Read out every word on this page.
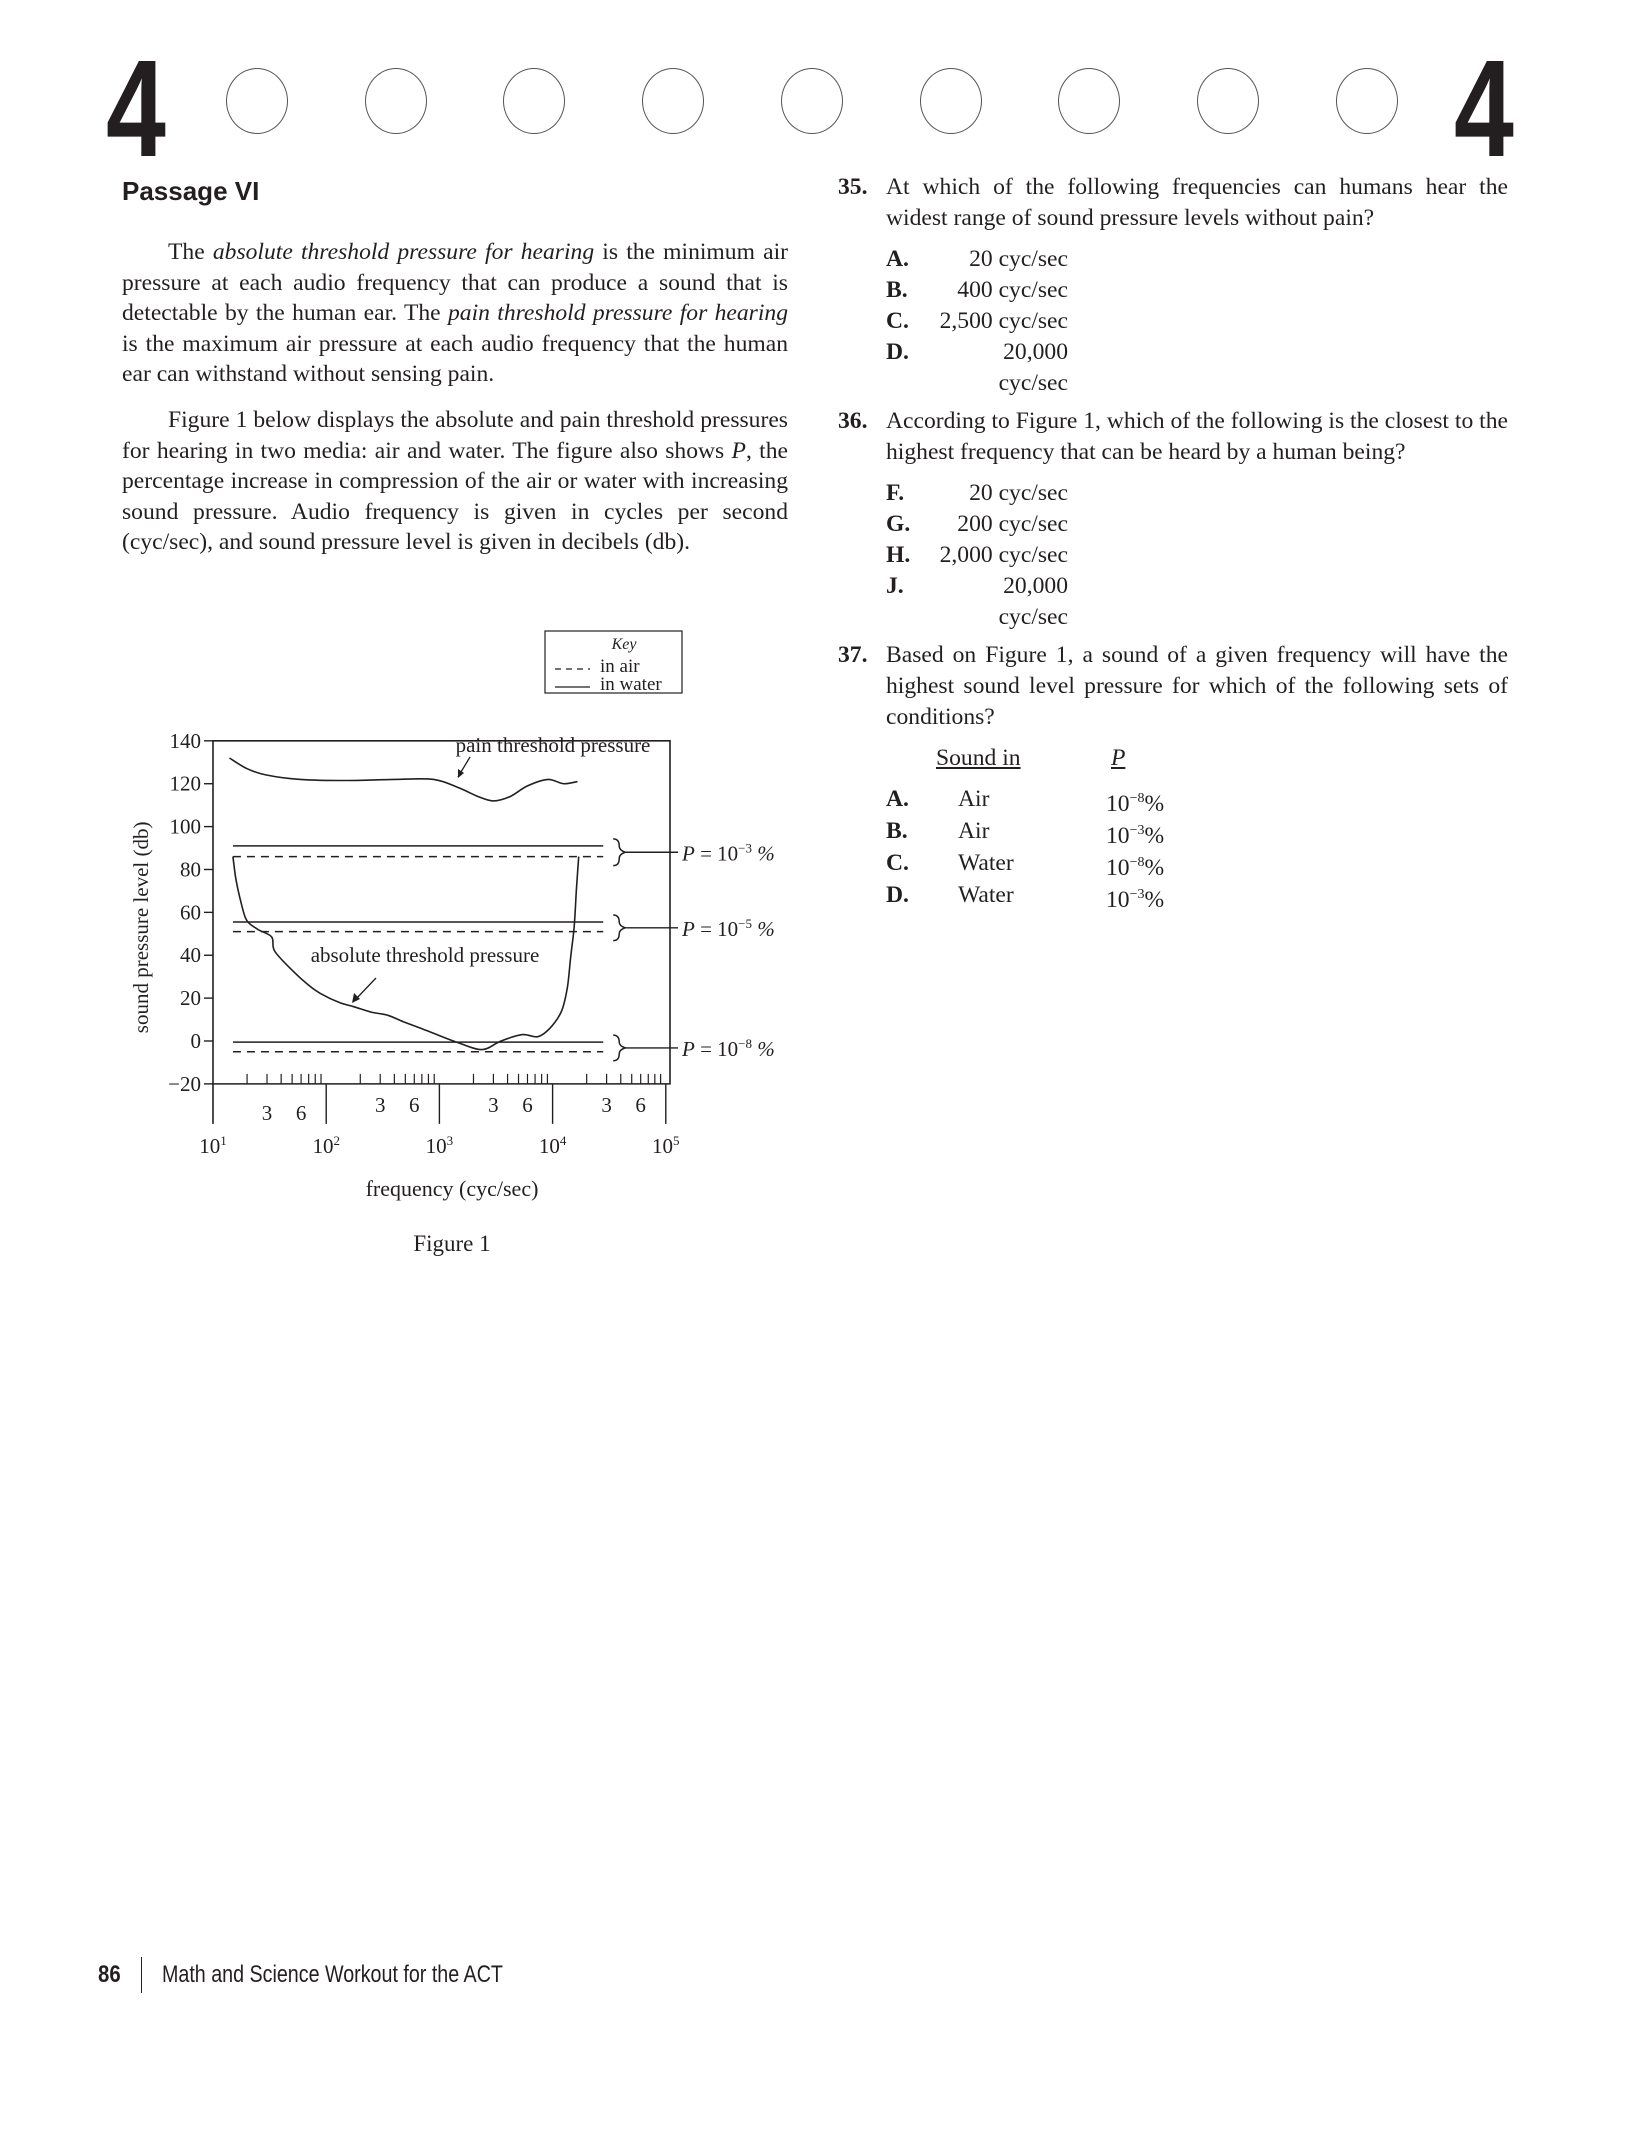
4	4
Passage VI

The absolute threshold pressure for hearing is the minimum air pressure at each audio frequency that can produce a sound that is detectable by the human ear. The pain threshold pressure for hearing is the maximum air pressure at each audio frequency that the human ear can withstand without sensing pain.

Figure 1 below displays the absolute and pain threshold pressures for hearing in two media: air and water. The figure also shows P, the percentage increase in compression of the air or water with increasing sound pressure. Audio frequency is given in cycles per second (cyc/sec), and sound pressure level is given in decibels (db).

140
120
100
80
60
40
20
0
−20
sound pressure level (db)
$10^1$	$10^2$	$10^3$	$10^4$	$10^5$
3 6	3 6	3 6	3 6
frequency (cyc/sec)
Figure 1
$P = 10^{-3}$ %
$P = 10^{-5}$ %
$P = 10^{-8}$ %
pain threshold pressure
absolute threshold pressure
Key
in air
in water
35. At which of the following frequencies can humans hear the widest range of sound pressure levels without pain?
A.	20 cyc/sec
B.	400 cyc/sec
C.	2,500 cyc/sec
D.	20,000 cyc/sec
36. According to Figure 1, which of the following is the closest to the highest frequency that can be heard by a human being?
F.	20 cyc/sec
G.	200 cyc/sec
H.	2,000 cyc/sec
J.	20,000 cyc/sec
37. Based on Figure 1, a sound of a given frequency will have the highest sound level pressure for which of the following sets of conditions?
Sound in	P
A.	Air	$10^{-8}\%$
B.	Air	$10^{-3}\%$
C.	Water	$10^{-8}\%$
D.	Water	$10^{-3}\%$
86 Math and Science Workout for the ACT
